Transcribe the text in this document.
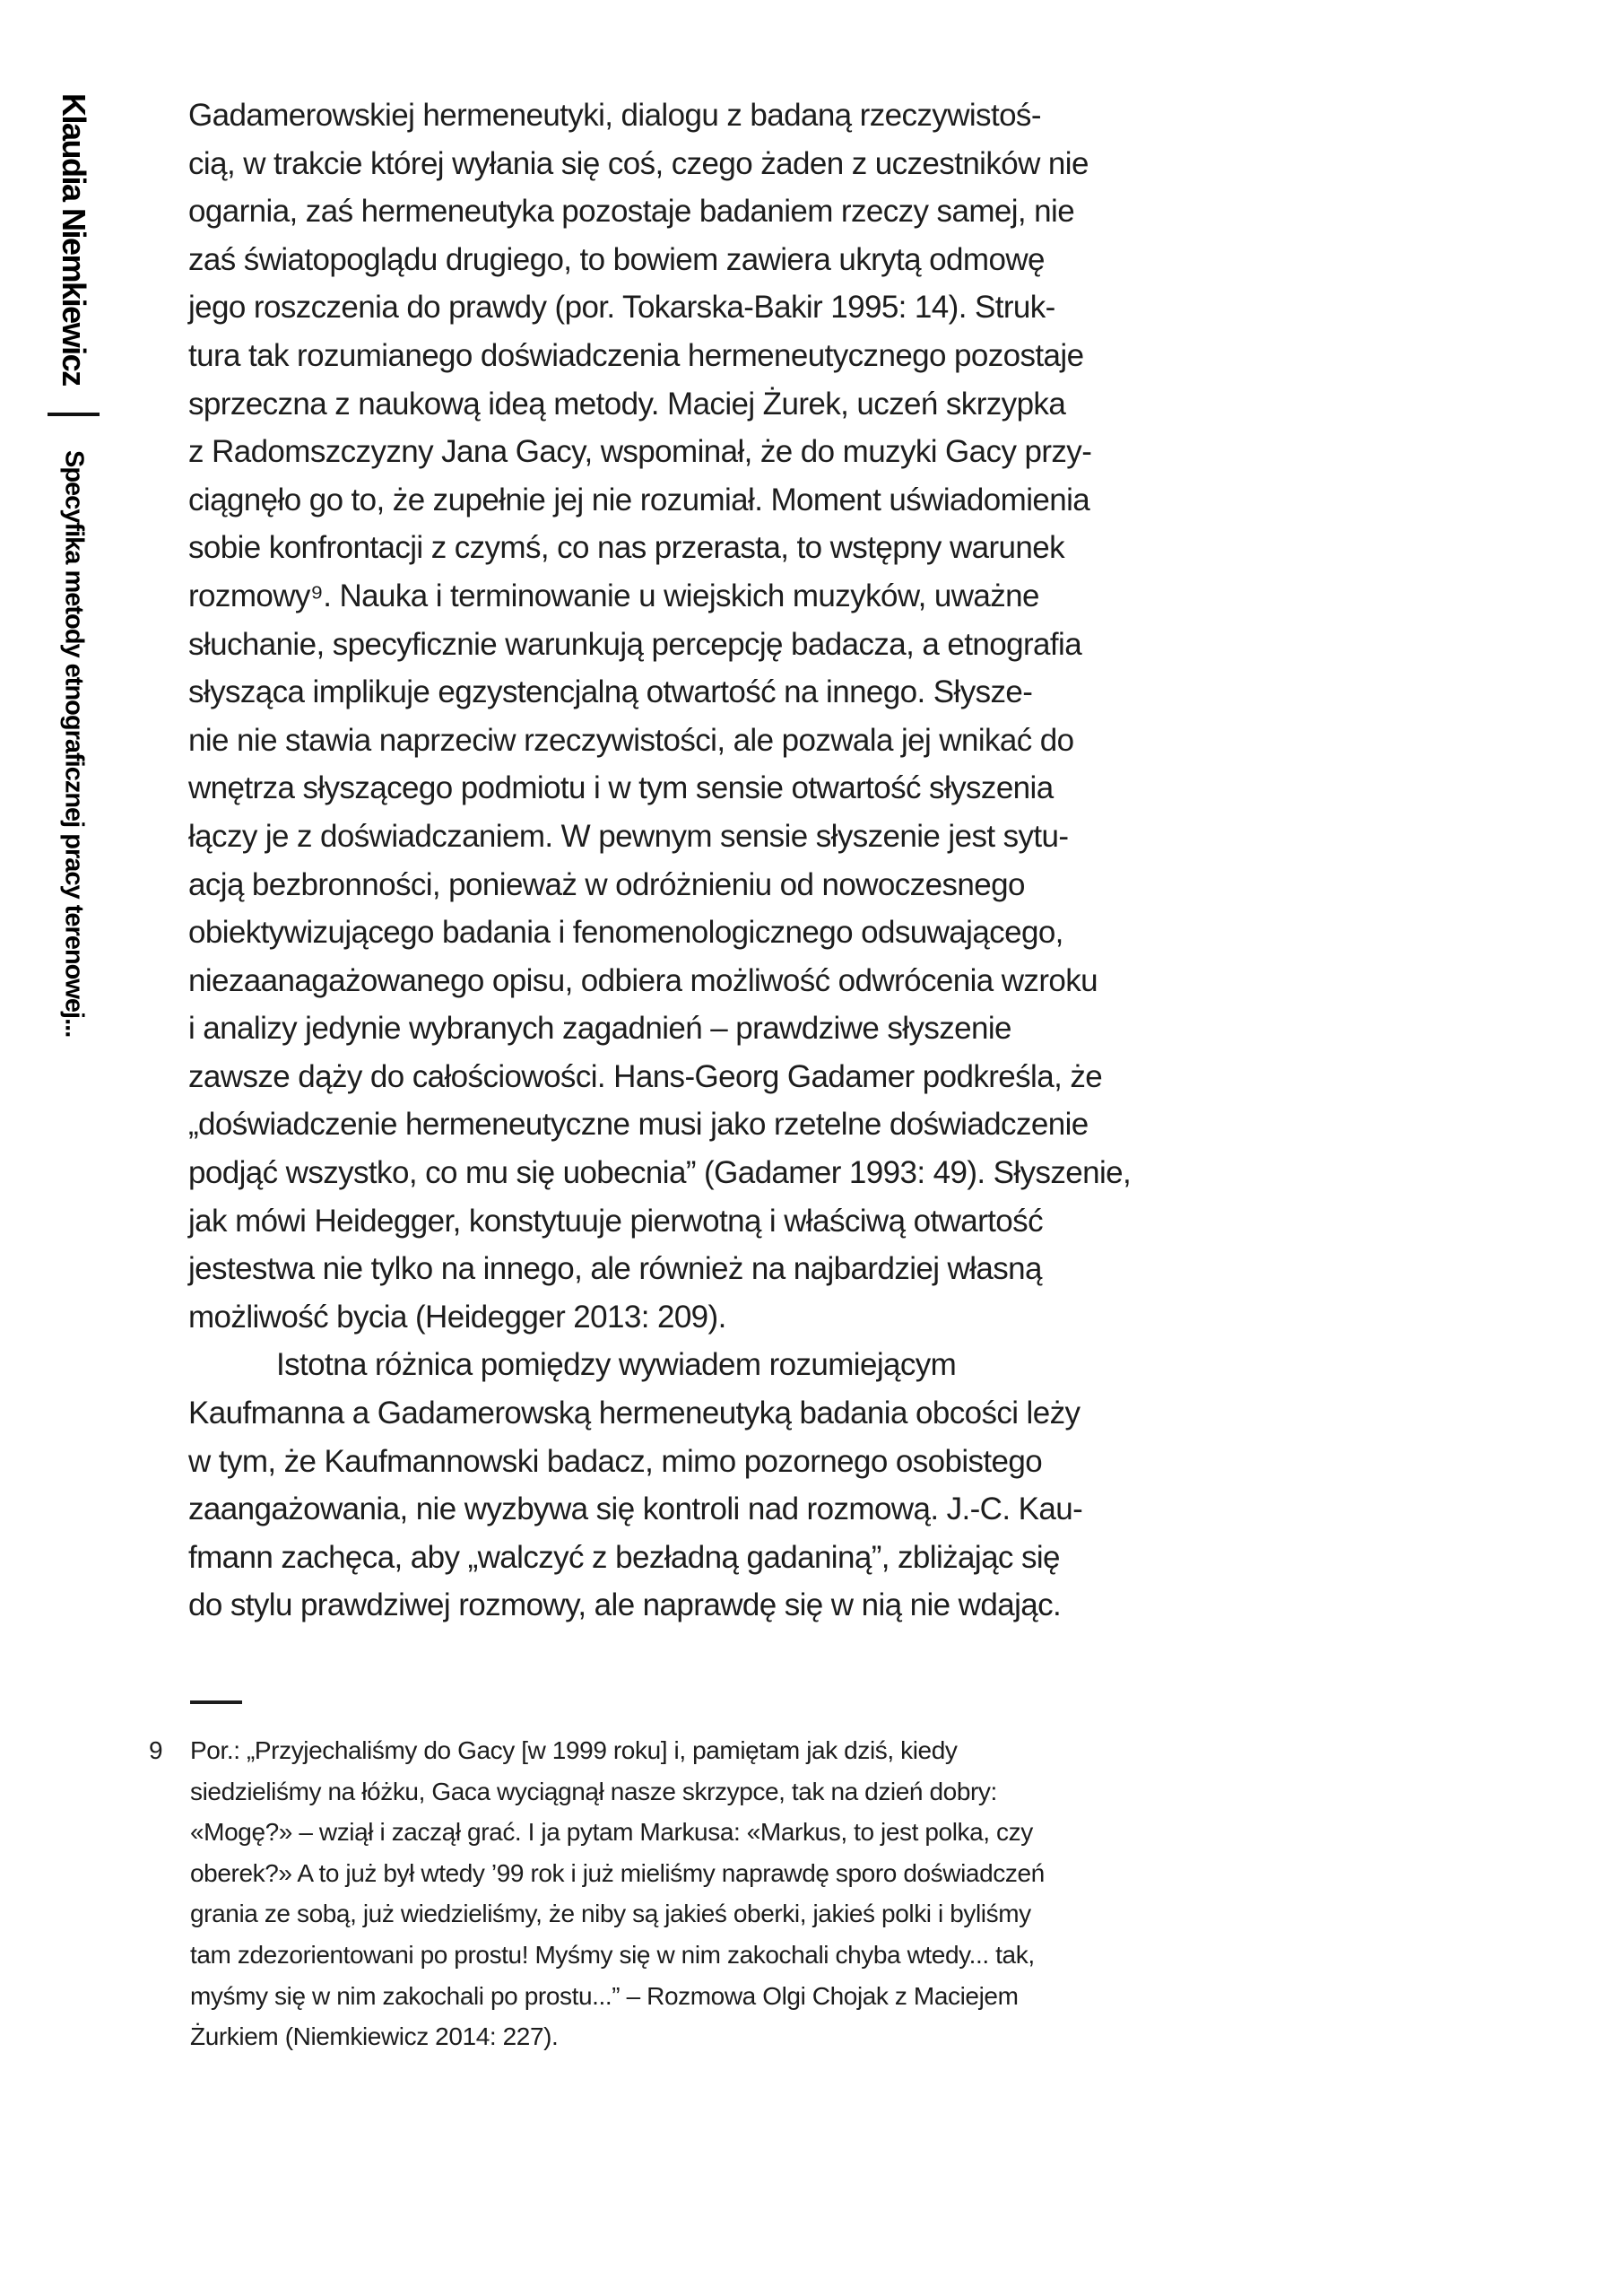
Klaudia Niemkiewicz
Specyfika metody etnograficznej pracy terenowej...
Gadamerowskiej hermeneutyki, dialogu z badaną rzeczywistoś-
cią, w trakcie której wyłania się coś, czego żaden z uczestników nie
ogarnia, zaś hermeneutyka pozostaje badaniem rzeczy samej, nie
zaś światopoglądu drugiego, to bowiem zawiera ukrytą odmowę
jego roszczenia do prawdy (por. Tokarska-Bakir 1995: 14). Struk-
tura tak rozumianego doświadczenia hermeneutycznego pozostaje
sprzeczna z naukową ideą metody. Maciej Żurek, uczeń skrzypka
z Radomszczyzny Jana Gacy, wspominał, że do muzyki Gacy przy-
ciągnęło go to, że zupełnie jej nie rozumiał. Moment uświadomienia
sobie konfrontacji z czymś, co nas przerasta, to wstępny warunek
rozmowy⁹. Nauka i terminowanie u wiejskich muzyków, uważne
słuchanie, specyficznie warunkują percepcję badacza, a etnografia
słysząca implikuje egzystencjalną otwartość na innego. Słysze-
nie nie stawia naprzeciw rzeczywistości, ale pozwala jej wnikać do
wnętrza słyszącego podmiotu i w tym sensie otwartość słyszenia
łączy je z doświadczaniem. W pewnym sensie słyszenie jest sytu-
acją bezbronności, ponieważ w odróżnieniu od nowoczesnego
obiektywizującego badania i fenomenologicznego odsuwającego,
niezaanagażowanego opisu, odbiera możliwość odwrócenia wzroku
i analizy jedynie wybranych zagadnień – prawdziwe słyszenie
zawsze dąży do całościowości. Hans-Georg Gadamer podkreśla, że
„doświadczenie hermeneutyczne musi jako rzetelne doświadczenie
podjąć wszystko, co mu się uobecnia” (Gadamer 1993: 49). Słyszenie,
jak mówi Heidegger, konstytuuje pierwotną i właściwą otwartość
jestestwa nie tylko na innego, ale również na najbardziej własną
możliwość bycia (Heidegger 2013: 209).
Istotna różnica pomiędzy wywiadem rozumiejącym
Kaufmanna a Gadamerowską hermeneutyką badania obcości leży
w tym, że Kaufmannowski badacz, mimo pozornego osobistego
zaangażowania, nie wyzbywa się kontroli nad rozmową. J.-C. Kau-
fmann zachęca, aby „walczyć z bezładną gadaniną”, zbliżając się
do stylu prawdziwej rozmowy, ale naprawdę się w nią nie wdając.
9 Por.: „Przyjechaliśmy do Gacy [w 1999 roku] i, pamiętam jak dziś, kiedy
siedzieliśmy na łóżku, Gaca wyciągnął nasze skrzypce, tak na dzień dobry:
«Mogę?» – wziął i zaczął grać. I ja pytam Markusa: «Markus, to jest polka, czy
oberek?» A to już był wtedy ’99 rok i już mieliśmy naprawdę sporo doświadczeń
grania ze sobą, już wiedzieliśmy, że niby są jakieś oberki, jakieś polki i byliśmy
tam zdezorientowani po prostu! Myśmy się w nim zakochali chyba wtedy... tak,
myśmy się w nim zakochali po prostu...” – Rozmowa Olgi Chojak z Maciejem
Żurkiem (Niemkiewicz 2014: 227).
